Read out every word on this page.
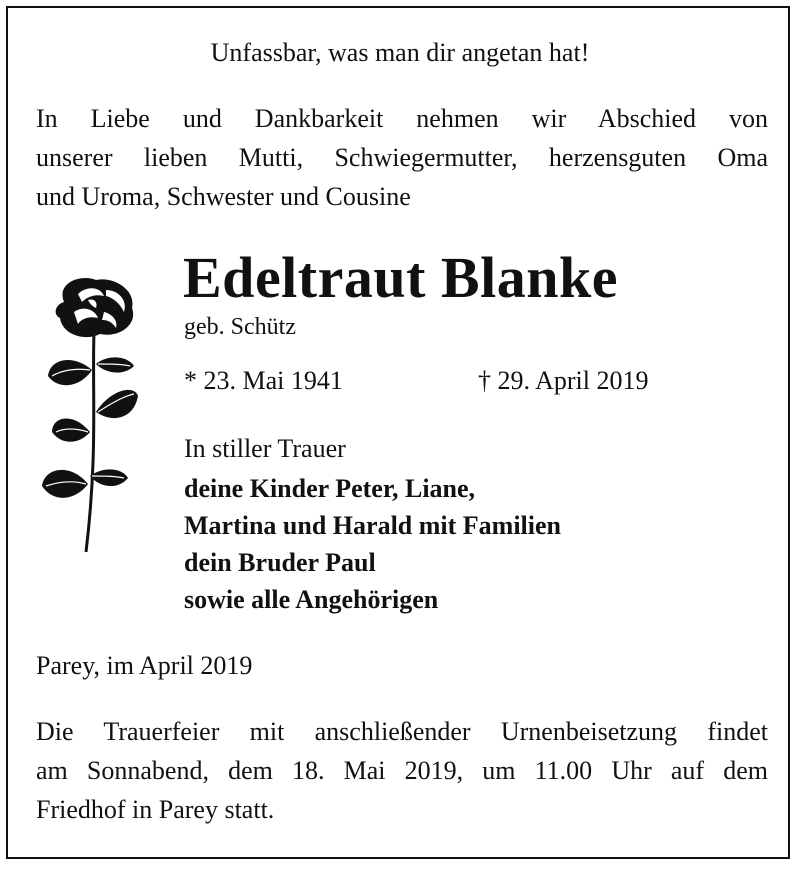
Unfassbar, was man dir angetan hat!

In Liebe und Dankbarkeit nehmen wir Abschied von

unserer lieben Mutti, Schwiegermutter, herzensguten Oma

und Uroma, Schwester und Cousine

Edeltraut Blanke

geb. Schütz

* 23. Mai 1941	† 29. April 2019

In stiller Trauer

deine Kinder Peter, Liane,

Martina und Harald mit Familien

dein Bruder Paul

sowie alle Angehörigen

Parey, im April 2019

Die Trauerfeier mit anschließender Urnenbeisetzung findet

am Sonnabend, dem 18. Mai 2019, um 11.00 Uhr auf dem

Friedhof in Parey statt.
